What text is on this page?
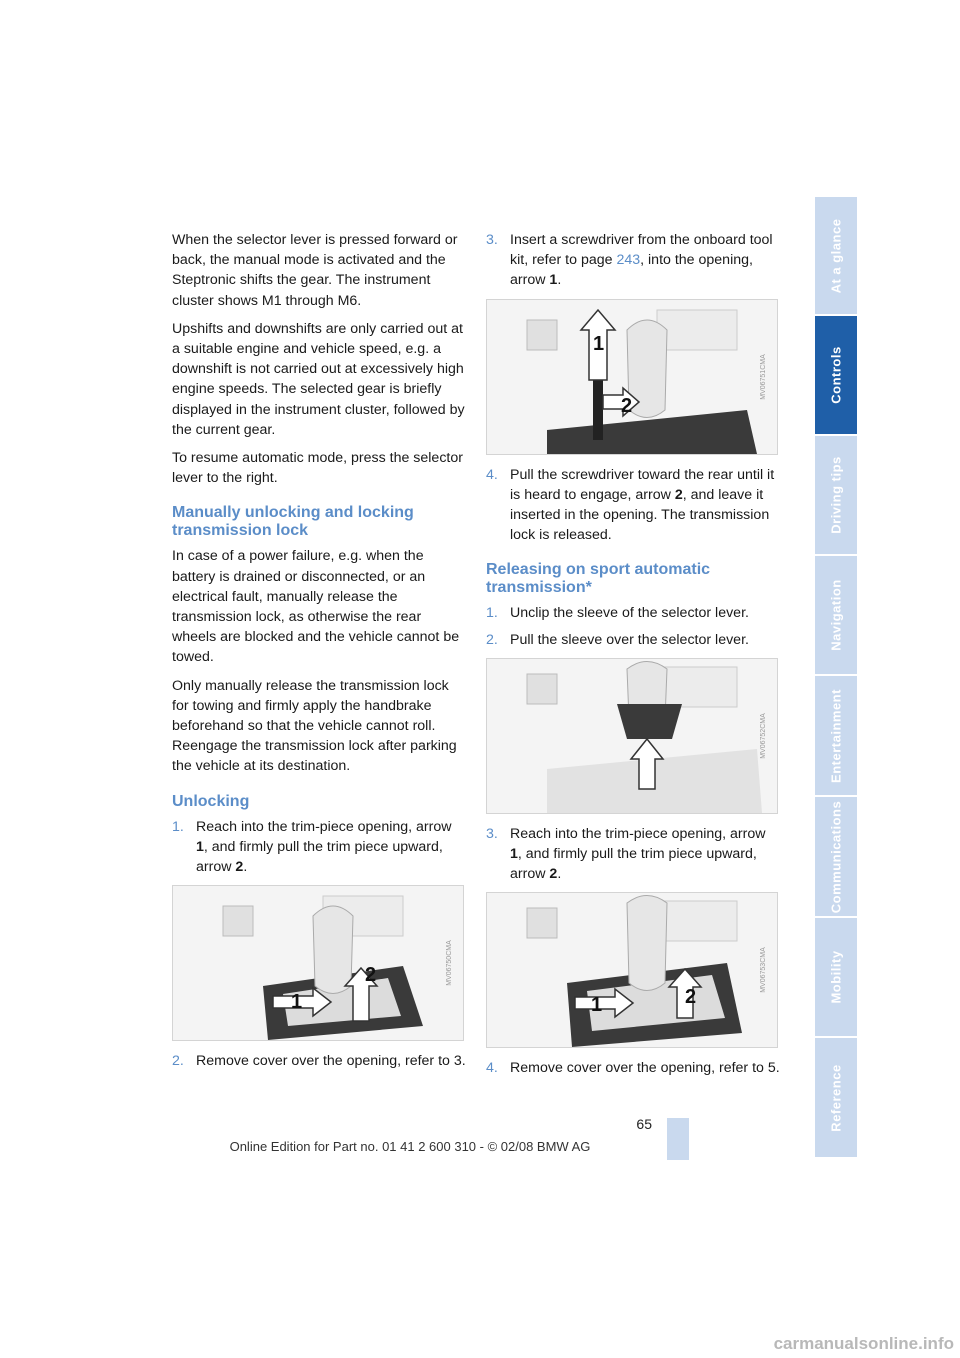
When the selector lever is pressed forward or back, the manual mode is activated and the Steptronic shifts the gear. The instrument cluster shows M1 through M6.

Upshifts and downshifts are only carried out at a suitable engine and vehicle speed, e.g. a downshift is not carried out at excessively high engine speeds. The selected gear is briefly displayed in the instrument cluster, followed by the current gear.

To resume automatic mode, press the selector lever to the right.

Manually unlocking and locking transmission lock

In case of a power failure, e.g. when the battery is drained or disconnected, or an electrical fault, manually release the transmission lock, as otherwise the rear wheels are blocked and the vehicle cannot be towed.

Only manually release the transmission lock for towing and firmly apply the handbrake beforehand so that the vehicle cannot roll. Reengage the transmission lock after parking the vehicle at its destination.

Unlocking
1. Reach into the trim-piece opening, arrow 1, and firmly pull the trim piece upward, arrow 2.
1
2	MV06750CMA
2. Remove cover over the opening, refer to 3.
3. Insert a screwdriver from the onboard tool kit, refer to page 243, into the opening, arrow 1.
1
2
MV06751CMA
4. Pull the screwdriver toward the rear until it is heard to engage, arrow 2, and leave it inserted in the opening. The transmission lock is released.
Releasing on sport automatic transmission*
1. Unclip the sleeve of the selector lever.
2. Pull the sleeve over the selector lever.
MV06752CMA
3. Reach into the trim-piece opening, arrow 1, and firmly pull the trim piece upward, arrow 2.
1	2
MV06753CMA
4. Remove cover over the opening, refer to 5.
At a glance
Controls
Driving tips
Navigation
Entertainment
Communications
Mobility
Reference
65
Online Edition for Part no. 01 41 2 600 310 - © 02/08 BMW AG
carmanualsonline.info
